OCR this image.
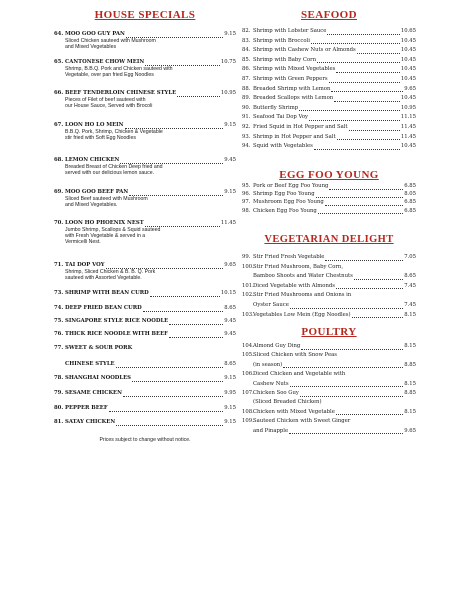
HOUSE SPECIALS
64. MOO GOO GUY PAN	9.15
Sliced Chicken sauteed with Mushroom
and Mixed Vegetables
65. CANTONESE CHOW MEIN	10.75
Shrimp, B.B.Q. Pork and Chicken sauteed with
Vegetable, over pan fried Egg Noodles
66. BEEF TENDERLOIN CHINESE STYLE	10.95
Pieces of Filet of beef sauteed with
our House Sauce, Served with Brocoli
67. LOON HO LO MEIN	9.15
B.B.Q. Pork, Shrimp, Chicken & Vegetable
stir fried with Soft Egg Noodles
68. LEMON CHICKEN	9.45
Breaded Breast of Chicken Deep fried and
served with our delicious lemon sauce.
69. MOO GOO BEEF PAN	9.15
Sliced Beef sauteed with Mushroom
and Mixed Vegetables.
70. LOON HO PHOENIX NEST	11.45
Jumbo Shrimp, Scallops & Squid sauteed
with Fresh Vegetable & served in a
Vermicelli Nest.
71. TAI DOP VOY	9.65
Shrimp, Sliced Chicken & B. B. Q. Pork
sauteed with Assorted Vegetable.
73. SHRIMP WITH BEAN CURD	10.15
74. DEEP FRIED BEAN CURD	8.65
75. SINGAPORE STYLE RICE NOODLE	9.45
76. THICK RICE NOODLE WITH BEEF	9.45
77. SWEET & SOUR PORK
CHINESE STYLE	8.65
78. SHANGHAI NOODLES	9.15
79. SESAME CHICKEN	9.95
80. PEPPER BEEF	9.15
81. SATAY CHICKEN	9.15
Prices subject to change without notice.
SEAFOOD
82. Shrimp with Lobster Sauce	10.65
83. Shrimp with Broccoli	10.45
84. Shrimp with Cashew Nuts or Almonds	10.45
85. Shrimp with Baby Corn	10.45
86. Shrimp with Mixed Vegetables	10.45
87. Shrimp with Green Peppers	10.45
88. Breaded Shrimp with Lemon	9.65
89. Breaded Scallops with Lemon	10.45
90. Butterfly Shrimp	10.95
91. Seafood Tai Dop Voy	11.15
92. Fried Squid in Hot Pepper and Salt	11.45
93. Shrimp in Hot Pepper and Salt	11.45
94. Squid with Vegetables	10.45
EGG FOO YOUNG
95. Pork or Beef Egg Foo Young	6.85
96. Shrimp Egg Foo Young	8.05
97. Mushroom Egg Foo Young	6.85
98. Chicken Egg Foo Young	6.85
VEGETARIAN DELIGHT
99. Stir Fried Fresh Vegetable	7.05
100. Stir Fried Mushroom, Baby Corn,
Bamboo Shoots and Water Chestnuts	8.65
101. Diced Vegetable with Almonds	7.45
102. Stir Fried Mushrooms and Onions in
Oyster Sauce	7.45
103. Vegetables Low Mein (Egg Noodles)	8.15
POULTRY
104. Almond Guy Ding	8.15
105. Sliced Chicken with Snow Peas
(in season)	8.85
106. Diced Chicken and Vegetable with
Cashew Nuts	8.15
107. Chicken Soo Guy	8.85
(Sliced Breaded Chicken)
108. Chicken with Mixed Vegetable	8.15
109. Sauteed Chicken with Sweet Ginger
and Pinapple	9.65
